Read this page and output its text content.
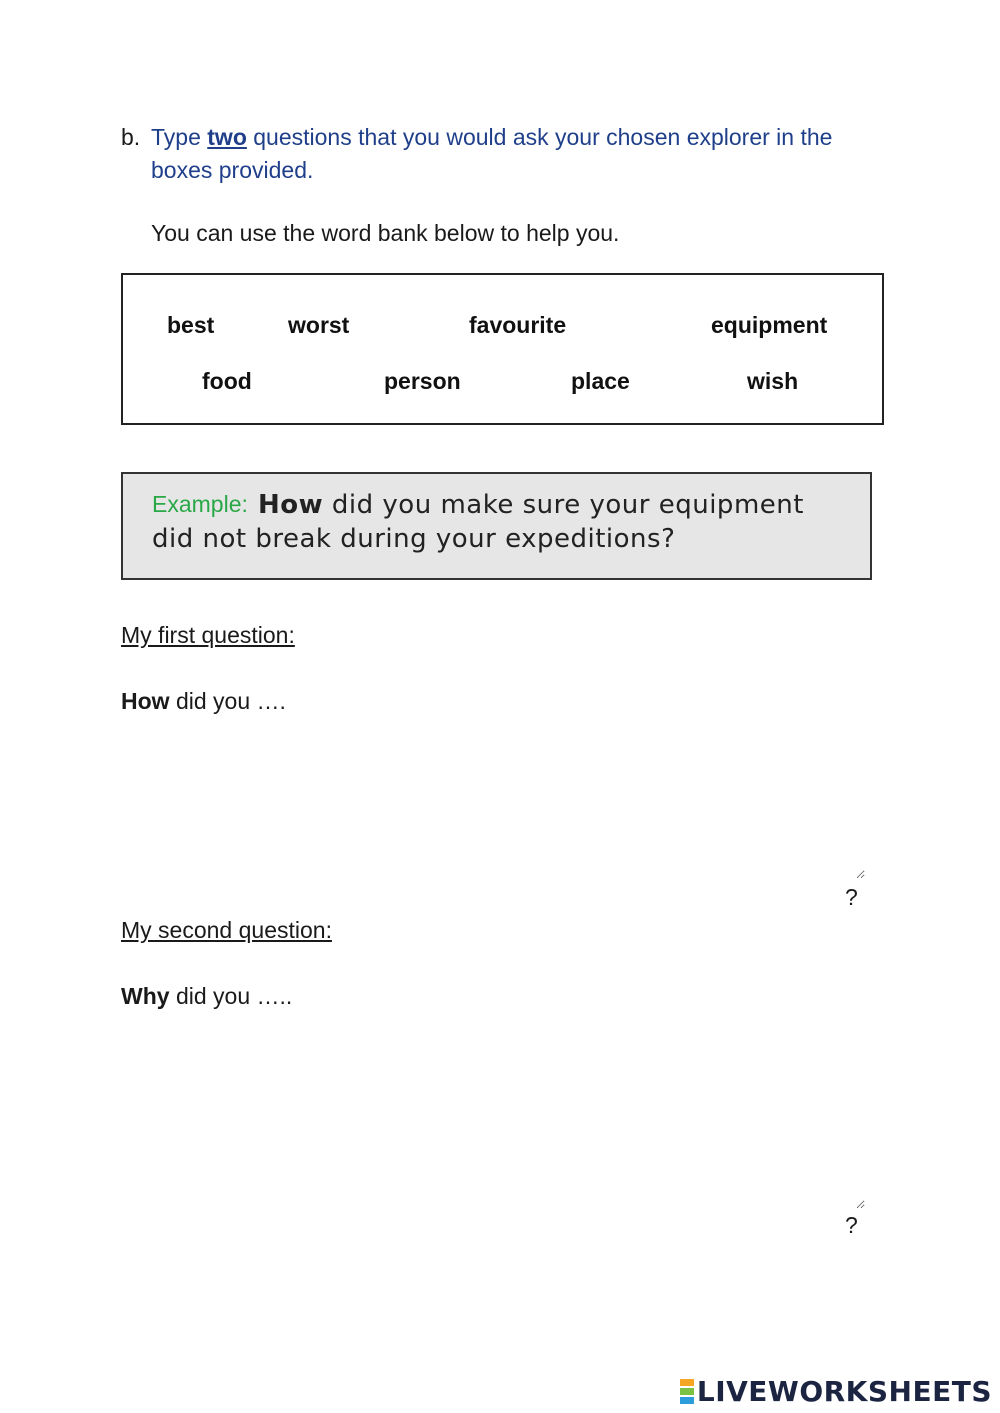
b. Type two questions that you would ask your chosen explorer in the boxes provided.
You can use the word bank below to help you.
best	worst	favourite	equipment
food	person	place	wish
Example: How did you make sure your equipment did not break during your expeditions?
My first question:
How did you ….
?
My second question:
Why did you …..
?
LIVEWORKSHEETS
